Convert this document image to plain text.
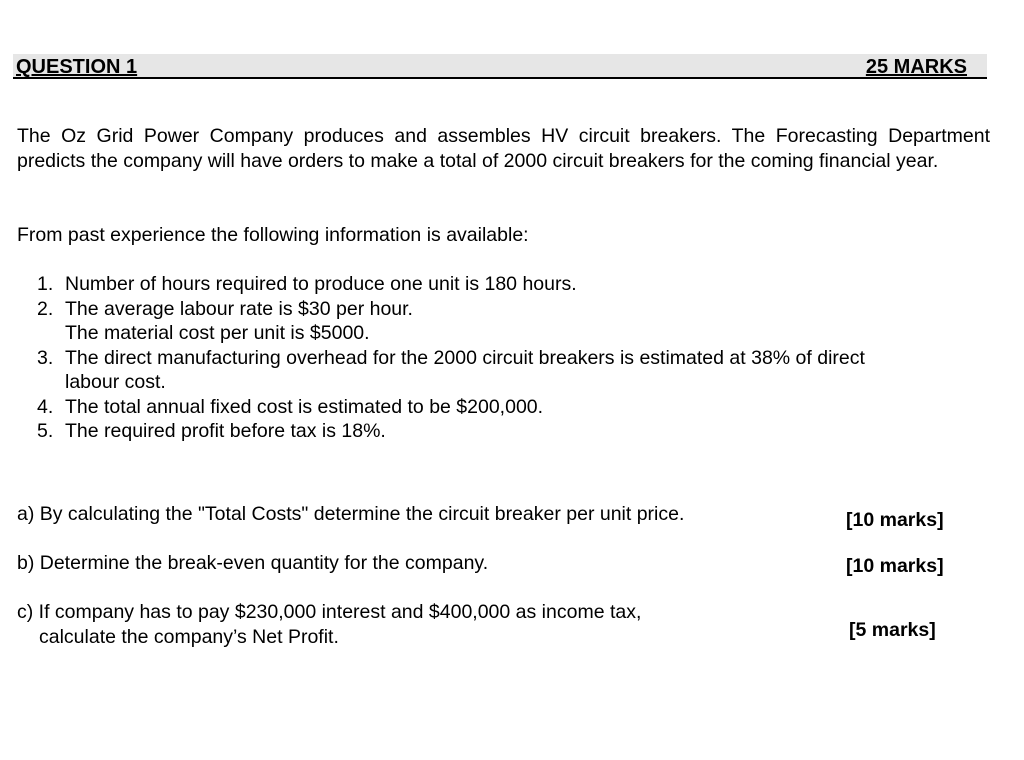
QUESTION 1	25 MARKS

The Oz Grid Power Company produces and assembles HV circuit breakers. The Forecasting Department predicts the company will have orders to make a total of 2000 circuit breakers for the coming financial year.

From past experience the following information is available:

1. Number of hours required to produce one unit is 180 hours.
2. The average labour rate is $30 per hour.
The material cost per unit is $5000.
3. The direct manufacturing overhead for the 2000 circuit breakers is estimated at 38% of direct
labour cost.
4. The total annual fixed cost is estimated to be $200,000.
5. The required profit before tax is 18%.
a) By calculating the "Total Costs" determine the circuit breaker per unit price.	[10 marks]
b) Determine the break-even quantity for the company.	[10 marks]
c) If company has to pay $230,000 interest and $400,000 as income tax,
calculate the company’s Net Profit.	[5 marks]
